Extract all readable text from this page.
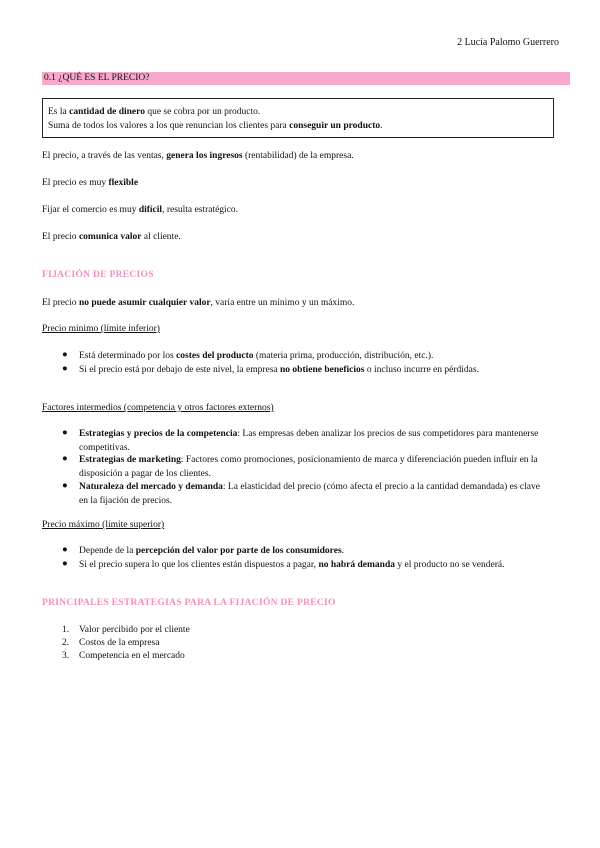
2 Lucía Palomo Guerrero
0.1 ¿QUÉ ES EL PRECIO?
Es la cantidad de dinero que se cobra por un producto.
Suma de todos los valores a los que renuncian los clientes para conseguir un producto.
El precio, a través de las ventas, genera los ingresos (rentabilidad) de la empresa.
El precio es muy flexible
Fijar el comercio es muy difícil, resulta estratégico.
El precio comunica valor al cliente.
FIJACIÓN DE PRECIOS
El precio no puede asumir cualquier valor, varía entre un mínimo y un máximo.
Precio mínimo (límite inferior)
● Está determinado por los costes del producto (materia prima, producción, distribución, etc.).
● Si el precio está por debajo de este nivel, la empresa no obtiene beneficios o incluso incurre en pérdidas.
Factores intermedios (competencia y otros factores externos)
● Estrategias y precios de la competencia: Las empresas deben analizar los precios de sus competidores para mantenerse competitivas.
● Estrategias de marketing: Factores como promociones, posicionamiento de marca y diferenciación pueden influir en la disposición a pagar de los clientes.
● Naturaleza del mercado y demanda: La elasticidad del precio (cómo afecta el precio a la cantidad demandada) es clave en la fijación de precios.
Precio máximo (límite superior)
● Depende de la percepción del valor por parte de los consumidores.
● Si el precio supera lo que los clientes están dispuestos a pagar, no habrá demanda y el producto no se venderá.
PRINCIPALES ESTRATEGIAS PARA LA FIJACIÓN DE PRECIO
1. Valor percibido por el cliente
2. Costos de la empresa
3. Competencia en el mercado
